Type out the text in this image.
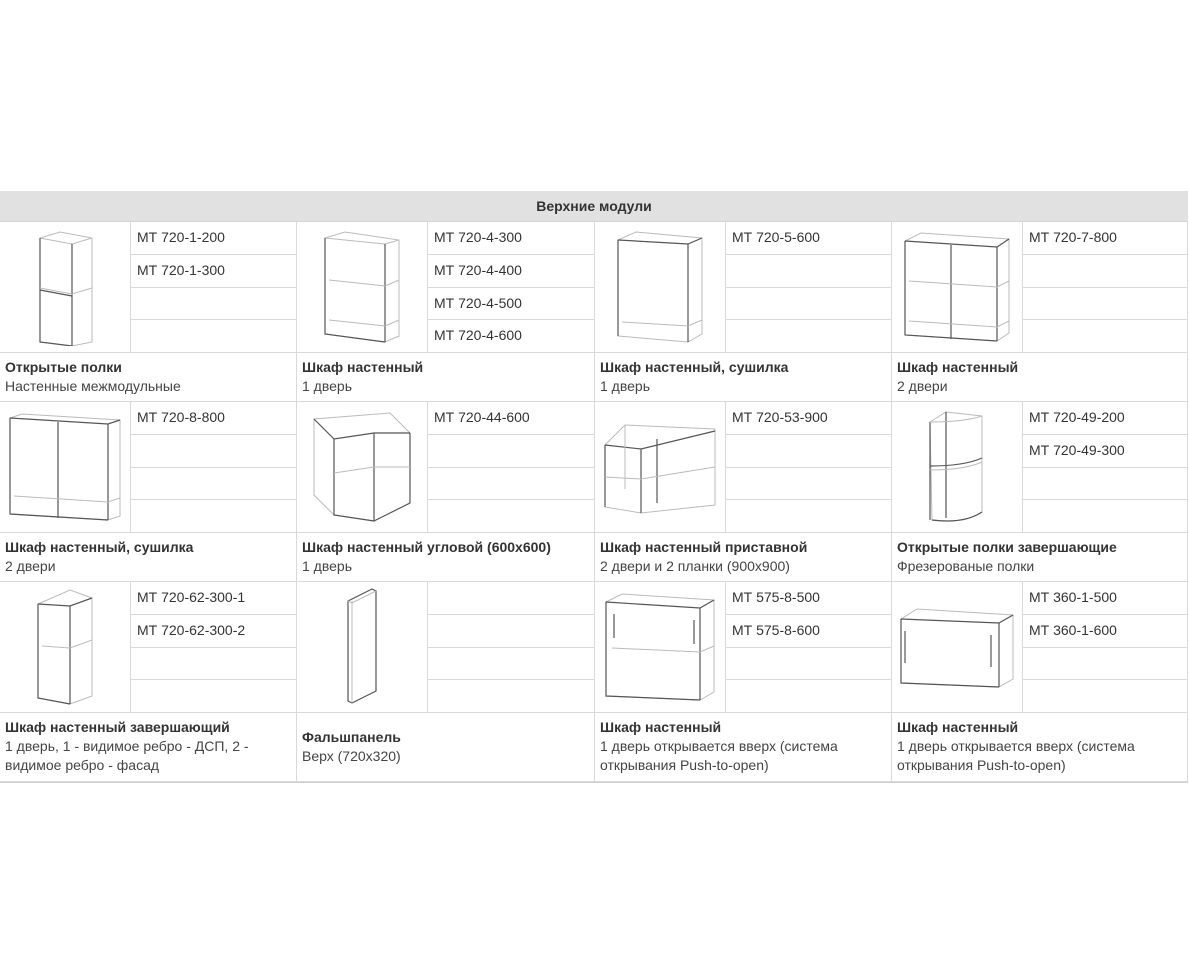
Верхние модули
МТ 720-1-200
МТ 720-1-300
Открытые полки
Настенные межмодульные
МТ 720-4-300
МТ 720-4-400
МТ 720-4-500
МТ 720-4-600
Шкаф настенный
1 дверь
МТ 720-5-600
Шкаф настенный, сушилка
1 дверь
МТ 720-7-800
Шкаф настенный
2 двери
МТ 720-8-800
Шкаф настенный, сушилка
2 двери
МТ 720-44-600
Шкаф настенный угловой (600x600)
1 дверь
МТ 720-53-900
Шкаф настенный приставной
2 двери и 2 планки (900x900)
МТ 720-49-200
МТ 720-49-300
Открытые полки завершающие
Фрезерованые полки
МТ 720-62-300-1
МТ 720-62-300-2
Шкаф настенный завершающий
1 дверь, 1 - видимое ребро - ДСП, 2 - видимое ребро - фасад
Фальшпанель
Верх (720x320)
МТ 575-8-500
МТ 575-8-600
Шкаф настенный
1 дверь открывается вверх (система открывания Push-to-open)
МТ 360-1-500
МТ 360-1-600
Шкаф настенный
1 дверь открывается вверх (система открывания Push-to-open)
